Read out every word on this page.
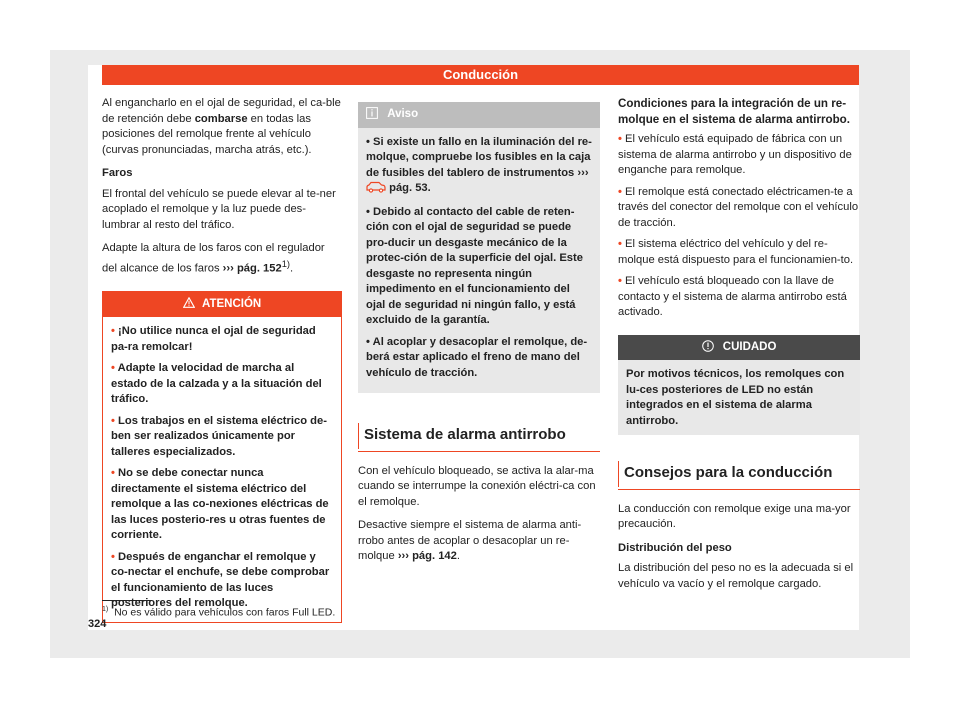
Conducción

Al engancharlo en el ojal de seguridad, el ca-ble de retención debe combarse en todas las posiciones del remolque frente al vehículo (curvas pronunciadas, marcha atrás, etc.).

Faros

El frontal del vehículo se puede elevar al te-ner acoplado el remolque y la luz puede des-lumbrar al resto del tráfico.

Adapte la altura de los faros con el regulador del alcance de los faros ››› pág. 152$^{1)}$.

ATENCIÓN

• ¡No utilice nunca el ojal de seguridad pa-ra remolcar!

• Adapte la velocidad de marcha al estado de la calzada y a la situación del tráfico.

• Los trabajos en el sistema eléctrico de-ben ser realizados únicamente por talleres especializados.

• No se debe conectar nunca directamente el sistema eléctrico del remolque a las co-nexiones eléctricas de las luces posterio-res u otras fuentes de corriente.

• Después de enganchar el remolque y co-nectar el enchufe, se debe comprobar el funcionamiento de las luces posteriores del remolque.

Aviso

• Si existe un fallo en la iluminación del re-molque, compruebe los fusibles en la caja de fusibles del tablero de instrumentos ›››  pág. 53.

• Debido al contacto del cable de reten-ción con el ojal de seguridad se puede pro-ducir un desgaste mecánico de la protec-ción de la superficie del ojal. Este desgaste no representa ningún impedimento en el funcionamiento del ojal de seguridad ni ningún fallo, y está excluido de la garantía.

• Al acoplar y desacoplar el remolque, de-berá estar aplicado el freno de mano del vehículo de tracción.

Sistema de alarma antirrobo

Con el vehículo bloqueado, se activa la alar-ma cuando se interrumpe la conexión eléctri-ca con el remolque.

Desactive siempre el sistema de alarma anti-rrobo antes de acoplar o desacoplar un re-molque ››› pág. 142.

Condiciones para la integración de un re-molque en el sistema de alarma antirrobo.

• El vehículo está equipado de fábrica con un sistema de alarma antirrobo y un dispositivo de enganche para remolque.

• El remolque está conectado eléctricamen-te a través del conector del remolque con el vehículo de tracción.

• El sistema eléctrico del vehículo y del re-molque está dispuesto para el funcionamien-to.

• El vehículo está bloqueado con la llave de contacto y el sistema de alarma antirrobo está activado.

CUIDADO
Por motivos técnicos, los remolques con lu-ces posteriores de LED no están integrados en el sistema de alarma antirrobo.
Consejos para la conducción

La conducción con remolque exige una ma-yor precaución.

Distribución del peso

La distribución del peso no es la adecuada si el vehículo va vacío y el remolque cargado.

$^{1)}$ No es válido para vehículos con faros Full LED.
324
